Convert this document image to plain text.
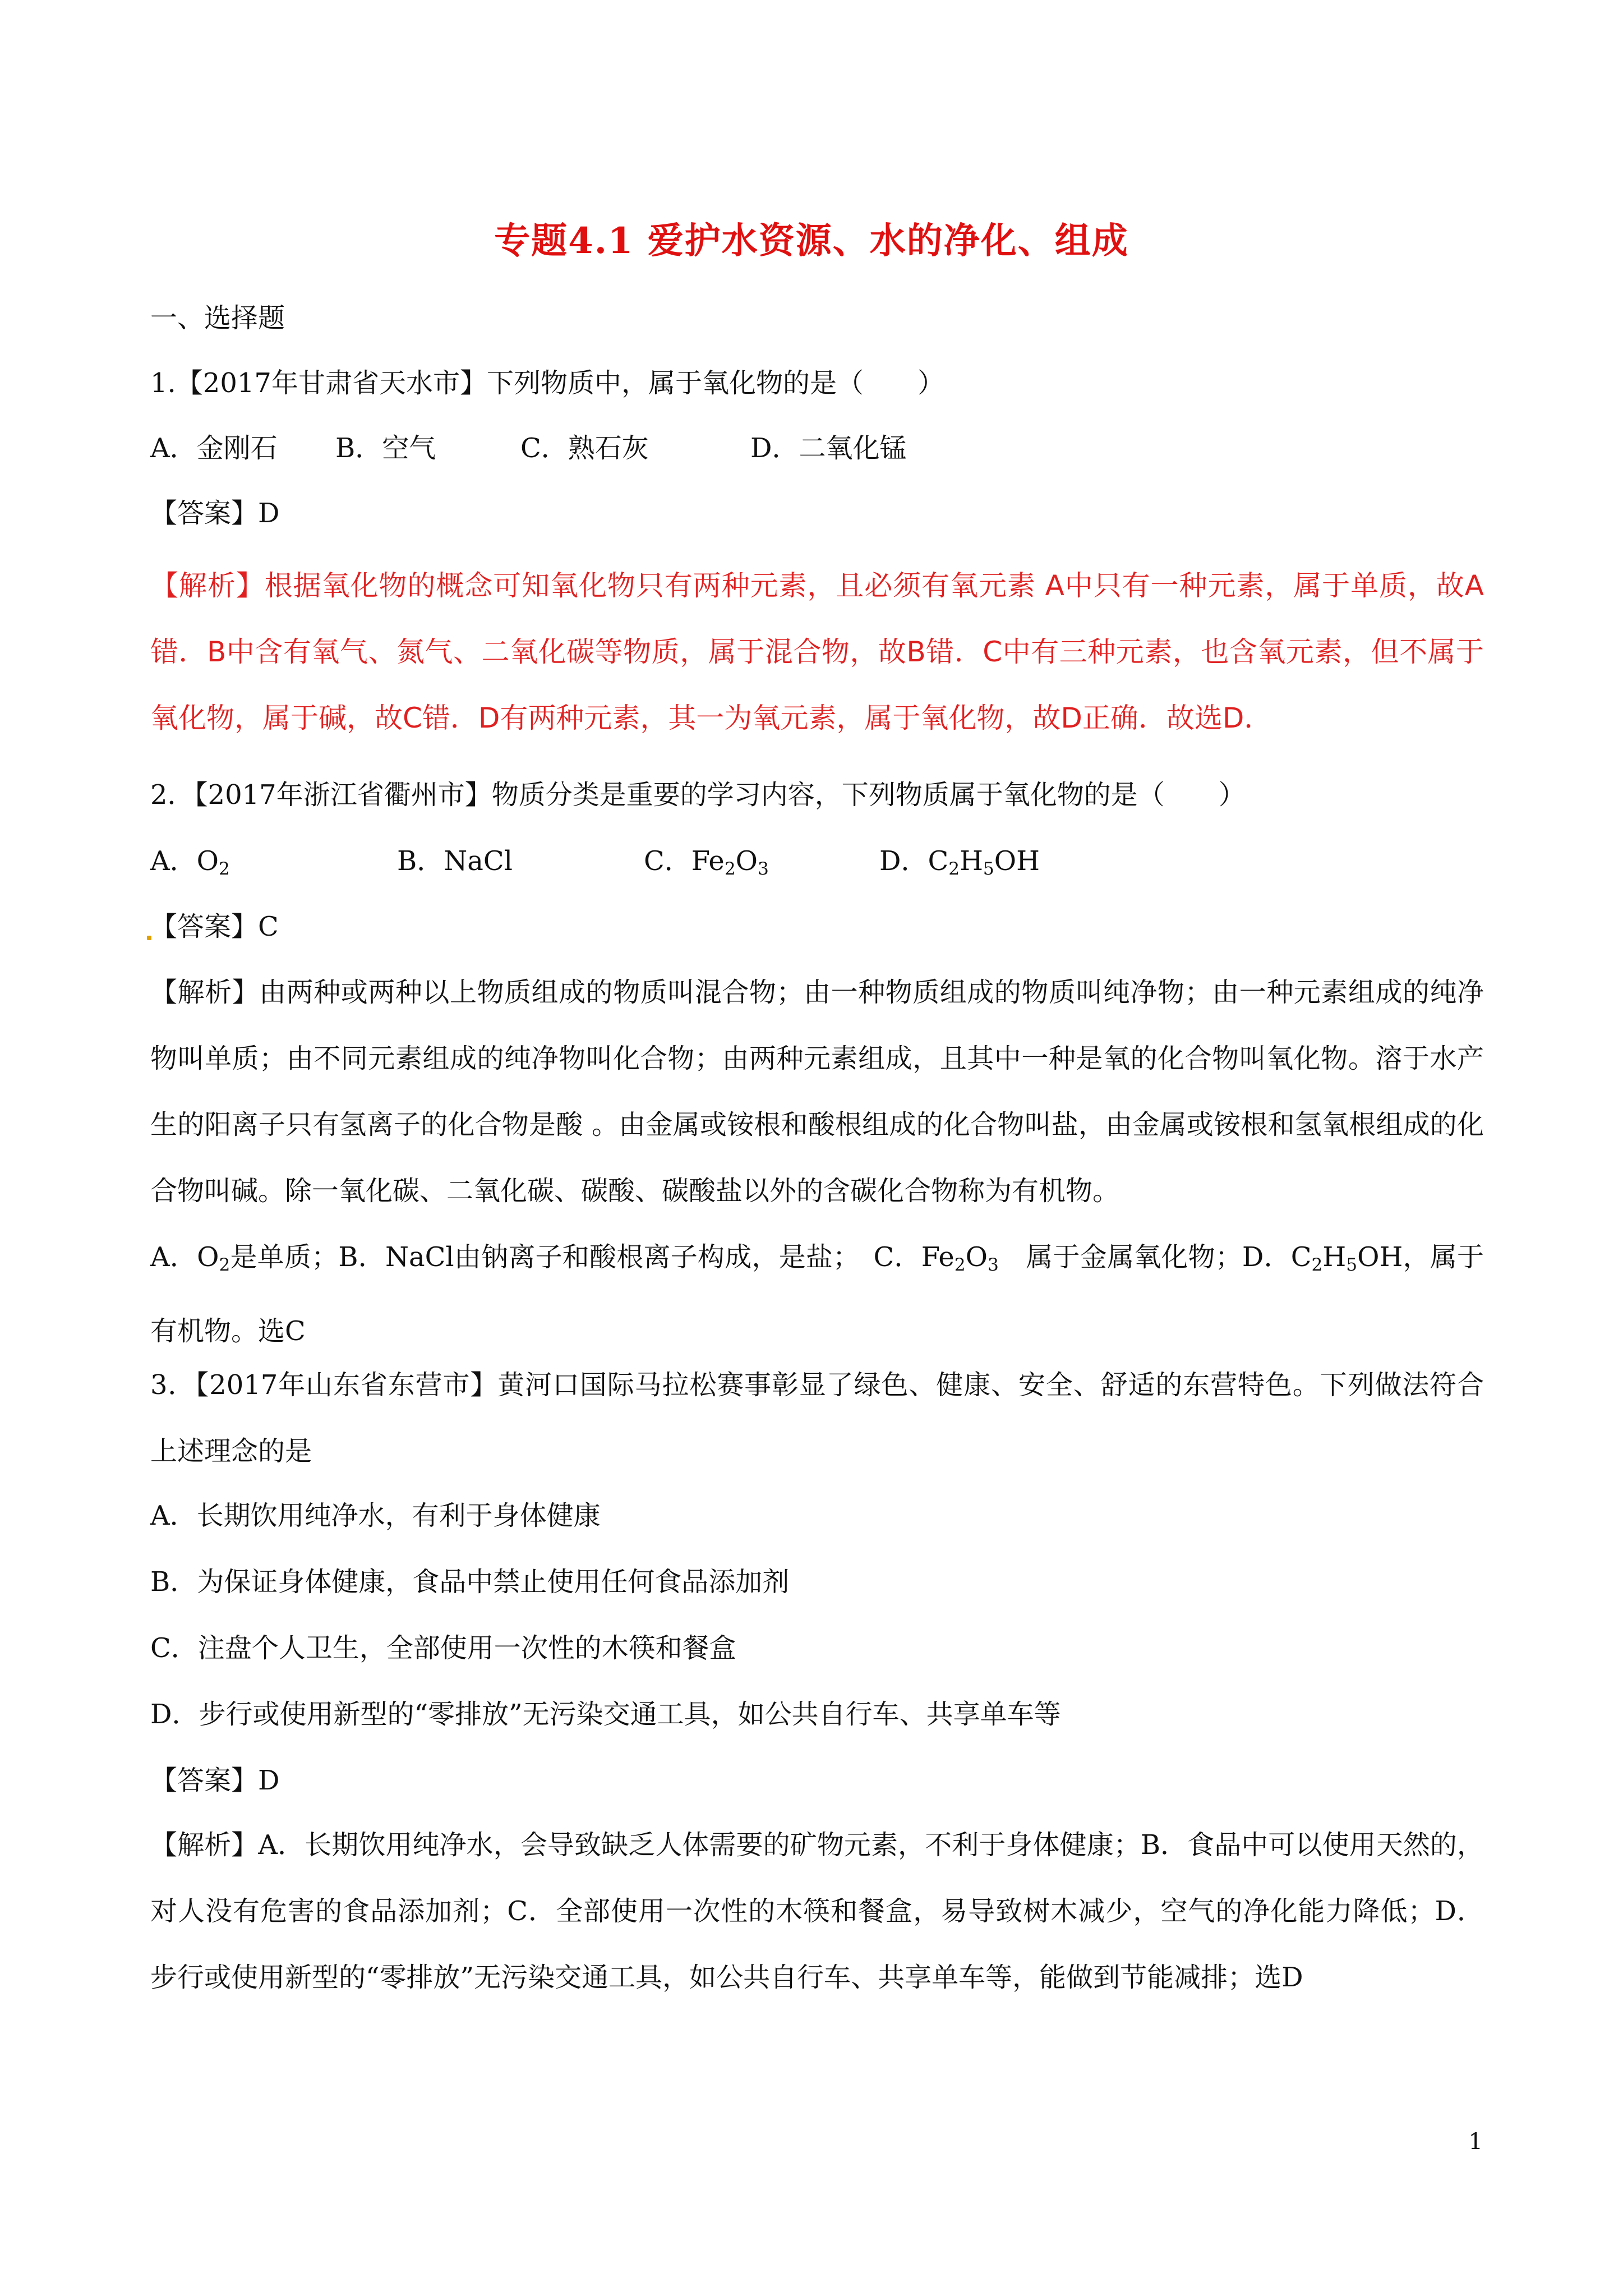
专题4.1 爱护水资源、水的净化、组成
一、选择题
1.【2017年甘肃省天水市】下列物质中，属于氧化物的是（　　）
A．金刚石 B．空气	C．熟石灰	D．二氧化锰
【答案】D
【解析】根据氧化物的概念可知氧化物只有两种元素，且必须有氧元素 A中只有一种元素，属于单质，故A错．B中含有氧气、氮气、二氧化碳等物质，属于混合物，故B错．C中有三种元素，也含氧元素，但不属于氧化物，属于碱，故C错．D有两种元素，其一为氧元素，属于氧化物，故D正确．故选D．
2．【2017年浙江省衢州市】物质分类是重要的学习内容，下列物质属于氧化物的是（　　）
A．$O_2$	B．NaCl	C．$Fe_2O_3$	D．$C_2H_5OH$
【答案】C
【解析】由两种或两种以上物质组成的物质叫混合物；由一种物质组成的物质叫纯净物；由一种元素组成的纯净物叫单质；由不同元素组成的纯净物叫化合物；由两种元素组成，且其中一种是氧的化合物叫氧化物。溶于水产生的阳离子只有氢离子的化合物是酸 。由金属或铵根和酸根组成的化合物叫盐，由金属或铵根和氢氧根组成的化合物叫碱。除一氧化碳、二氧化碳、碳酸、碳酸盐以外的含碳化合物称为有机物。
A．$O_2$是单质；B．NaCl由钠离子和酸根离子构成，是盐；　C．$Fe_2O_3$　属于金属氧化物；D．$C_2H_5OH$，属于有机物。选C
3．【2017年山东省东营市】黄河口国际马拉松赛事彰显了绿色、健康、安全、舒适的东营特色。下列做法符合上述理念的是
A．长期饮用纯净水，有利于身体健康
B．为保证身体健康，食品中禁止使用任何食品添加剂
C．注盘个人卫生，全部使用一次性的木筷和餐盒
D．步行或使用新型的“零排放”无污染交通工具，如公共自行车、共享单车等
【答案】D
【解析】A．长期饮用纯净水，会导致缺乏人体需要的矿物元素，不利于身体健康；B．食品中可以使用天然的，对人没有危害的食品添加剂；C．全部使用一次性的木筷和餐盒，易导致树木减少，空气的净化能力降低；D．步行或使用新型的“零排放”无污染交通工具，如公共自行车、共享单车等，能做到节能减排；选D
1
